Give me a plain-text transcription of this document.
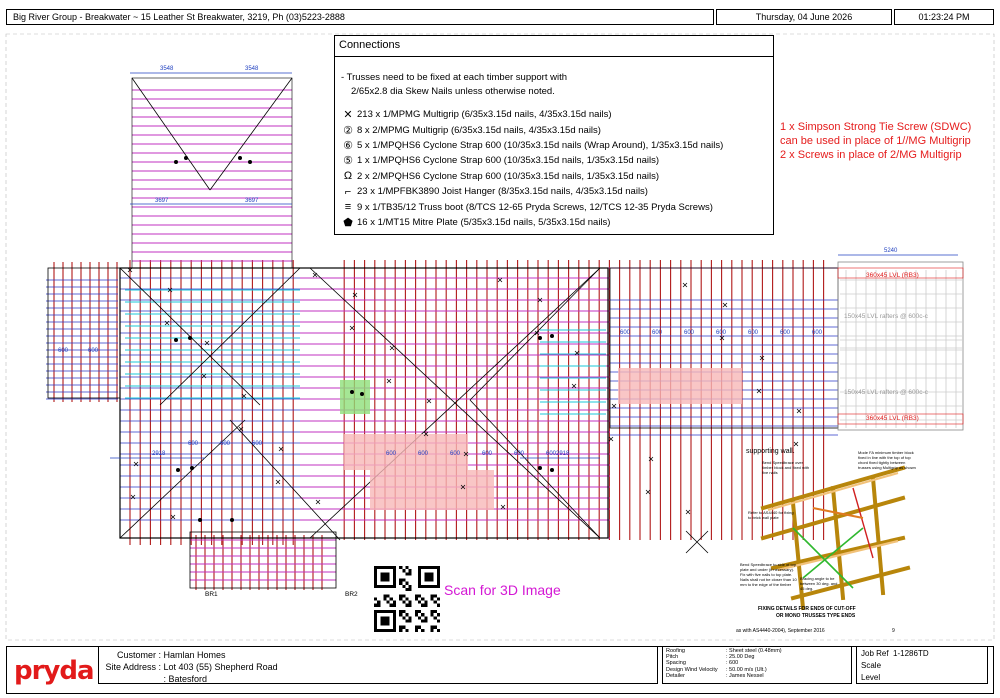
Big River Group - Breakwater ~ 15 Leather St Breakwater, 3219, Ph (03)5223-2888	Thursday, 04 June 2026	01:23:24 PM
3548	3548
3697	3697
5240
2918	2918
600	600	600	600	600	600	600
600	600	600
600	600	600	600	600	600
600	600
360x45 LVL (RB3)
360x45 LVL (RB3)
150x45 LVL rafters @ 600c-c
150x45 LVL rafters @ 600c-c
BR1	BR2
supporting wall.
Bend Speedbrace over timber block and fixed with five nails
Mode FA minimum timber block fixed in line with the top of top chord fixed tightly between trusses using Multigrip as shown
Refer to AS4440 for fixing to brick wall plate
Bend Speedbrace to side of top plate and under (if necessary). Fix with five nails to top plate. Nails shall not be closer than 10 mm to the edge of the timber
Bracing angle to be between 30 deg. and 45 deg.
FIXING DETAILS FOR ENDS OF CUT-OFF
OR MONO TRUSSES TYPE ENDS
as with AS4440-2004), September 2016	9
Connections
- Trusses need to be fixed at each timber support with
2/65x2.8 dia Skew Nails unless otherwise noted.
✕ 213 x 1/MPMG Multigrip (6/35x3.15d nails, 4/35x3.15d nails)
② 8 x 2/MPMG Multigrip (6/35x3.15d nails, 4/35x3.15d nails)
⑥ 5 x 1/MPQHS6 Cyclone Strap 600 (10/35x3.15d nails (Wrap Around), 1/35x3.15d nails)
⑤ 1 x 1/MPQHS6 Cyclone Strap 600 (10/35x3.15d nails, 1/35x3.15d nails)
Ω 2 x 2/MPQHS6 Cyclone Strap 600 (10/35x3.15d nails, 1/35x3.15d nails)
⌐ 23 x 1/MPFBK3890 Joist Hanger (8/35x3.15d nails, 4/35x3.15d nails)
≡ 9 x 1/TB35/12 Truss boot (8/TCS 12-65 Pryda Screws, 12/TCS 12-35 Pryda Screws)
⬟ 16 x 1/MT15 Mitre Plate (5/35x3.15d nails, 5/35x3.15d nails)
1 x Simpson Strong Tie Screw (SDWC)
can be used in place of 1//MG Multigrip
2 x Screws in place of 2/MG Multigrip
Scan for 3D Image
pryda
Customer : Hamlan Homes
Site Address : Lot 403 (55) Shepherd Road
: Batesford
Roofing	: Sheet steel (0.48mm)
Pitch	: 25.00 Deg
Spacing	: 600
Design Wind Velocity : 50.00 m/s (Ult.)
Detailer	: James Nessel
Job Ref 1-1286TD
Scale
Level
